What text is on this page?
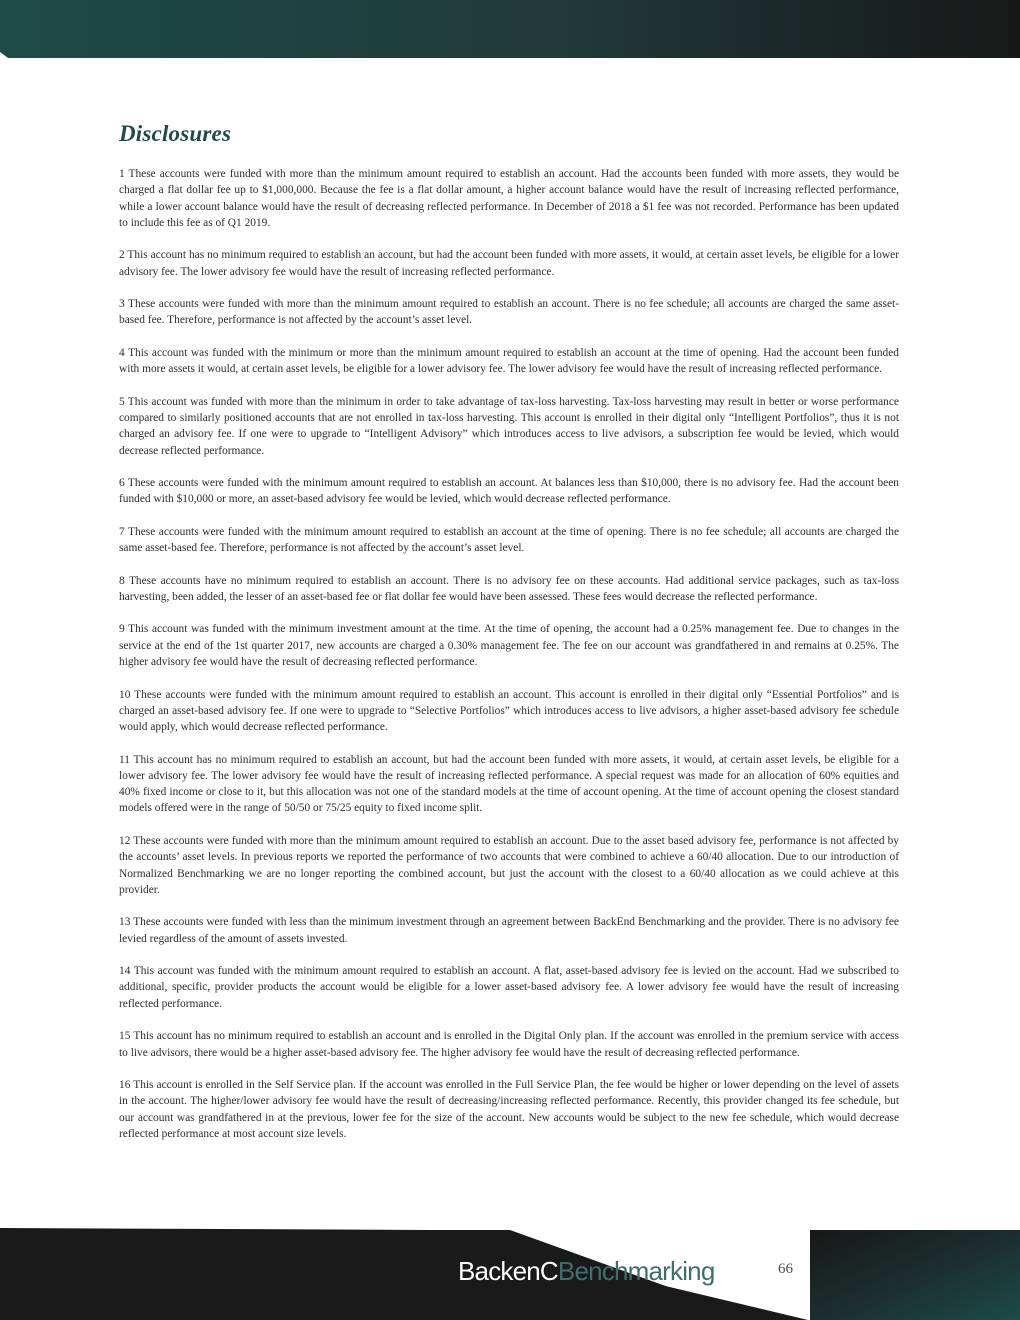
Disclosures

1 These accounts were funded with more than the minimum amount required to establish an account. Had the accounts been funded with more assets, they would be charged a flat dollar fee up to $1,000,000. Because the fee is a flat dollar amount, a higher account balance would have the result of increasing reflected performance, while a lower account balance would have the result of decreasing reflected performance. In December of 2018 a $1 fee was not recorded. Performance has been updated to include this fee as of Q1 2019.

2 This account has no minimum required to establish an account, but had the account been funded with more assets, it would, at certain asset levels, be eligible for a lower advisory fee. The lower advisory fee would have the result of increasing reflected performance.

3 These accounts were funded with more than the minimum amount required to establish an account. There is no fee schedule; all accounts are charged the same asset-based fee. Therefore, performance is not affected by the account’s asset level.

4 This account was funded with the minimum or more than the minimum amount required to establish an account at the time of opening. Had the account been funded with more assets it would, at certain asset levels, be eligible for a lower advisory fee. The lower advisory fee would have the result of increasing reflected performance.

5 This account was funded with more than the minimum in order to take advantage of tax-loss harvesting. Tax-loss harvesting may result in better or worse performance compared to similarly positioned accounts that are not enrolled in tax-loss harvesting. This account is enrolled in their digital only “Intelligent Portfolios”, thus it is not charged an advisory fee. If one were to upgrade to “Intelligent Advisory” which introduces access to live advisors, a subscription fee would be levied, which would decrease reflected performance.

6 These accounts were funded with the minimum amount required to establish an account. At balances less than $10,000, there is no advisory fee. Had the account been funded with $10,000 or more, an asset-based advisory fee would be levied, which would decrease reflected performance.

7 These accounts were funded with the minimum amount required to establish an account at the time of opening. There is no fee schedule; all accounts are charged the same asset-based fee. Therefore, performance is not affected by the account’s asset level.

8 These accounts have no minimum required to establish an account. There is no advisory fee on these accounts. Had additional service packages, such as tax-loss harvesting, been added, the lesser of an asset-based fee or flat dollar fee would have been assessed. These fees would decrease the reflected performance.

9 This account was funded with the minimum investment amount at the time. At the time of opening, the account had a 0.25% management fee. Due to changes in the service at the end of the 1st quarter 2017, new accounts are charged a 0.30% management fee. The fee on our account was grandfathered in and remains at 0.25%. The higher advisory fee would have the result of decreasing reflected performance.

10 These accounts were funded with the minimum amount required to establish an account. This account is enrolled in their digital only “Essential Portfolios” and is charged an asset-based advisory fee. If one were to upgrade to “Selective Portfolios” which introduces access to live advisors, a higher asset-based advisory fee schedule would apply, which would decrease reflected performance.

11 This account has no minimum required to establish an account, but had the account been funded with more assets, it would, at certain asset levels, be eligible for a lower advisory fee. The lower advisory fee would have the result of increasing reflected performance. A special request was made for an allocation of 60% equities and 40% fixed income or close to it, but this allocation was not one of the standard models at the time of account opening. At the time of account opening the closest standard models offered were in the range of 50/50 or 75/25 equity to fixed income split.

12 These accounts were funded with more than the minimum amount required to establish an account. Due to the asset based advisory fee, performance is not affected by the accounts’ asset levels. In previous reports we reported the performance of two accounts that were combined to achieve a 60/40 allocation. Due to our introduction of Normalized Benchmarking we are no longer reporting the combined account, but just the account with the closest to a 60/40 allocation as we could achieve at this provider.

13 These accounts were funded with less than the minimum investment through an agreement between BackEnd Benchmarking and the provider. There is no advisory fee levied regardless of the amount of assets invested.

14 This account was funded with the minimum amount required to establish an account. A flat, asset-based advisory fee is levied on the account. Had we subscribed to additional, specific, provider products the account would be eligible for a lower asset-based advisory fee. A lower advisory fee would have the result of increasing reflected performance.

15 This account has no minimum required to establish an account and is enrolled in the Digital Only plan. If the account was enrolled in the premium service with access to live advisors, there would be a higher asset-based advisory fee. The higher advisory fee would have the result of decreasing reflected performance.

16 This account is enrolled in the Self Service plan. If the account was enrolled in the Full Service Plan, the fee would be higher or lower depending on the level of assets in the account. The higher/lower advisory fee would have the result of decreasing/increasing reflected performance. Recently, this provider changed its fee schedule, but our account was grandfathered in at the previous, lower fee for the size of the account. New accounts would be subject to the new fee schedule, which would decrease reflected performance at most account size levels.

BackenCBenchmarking	66
